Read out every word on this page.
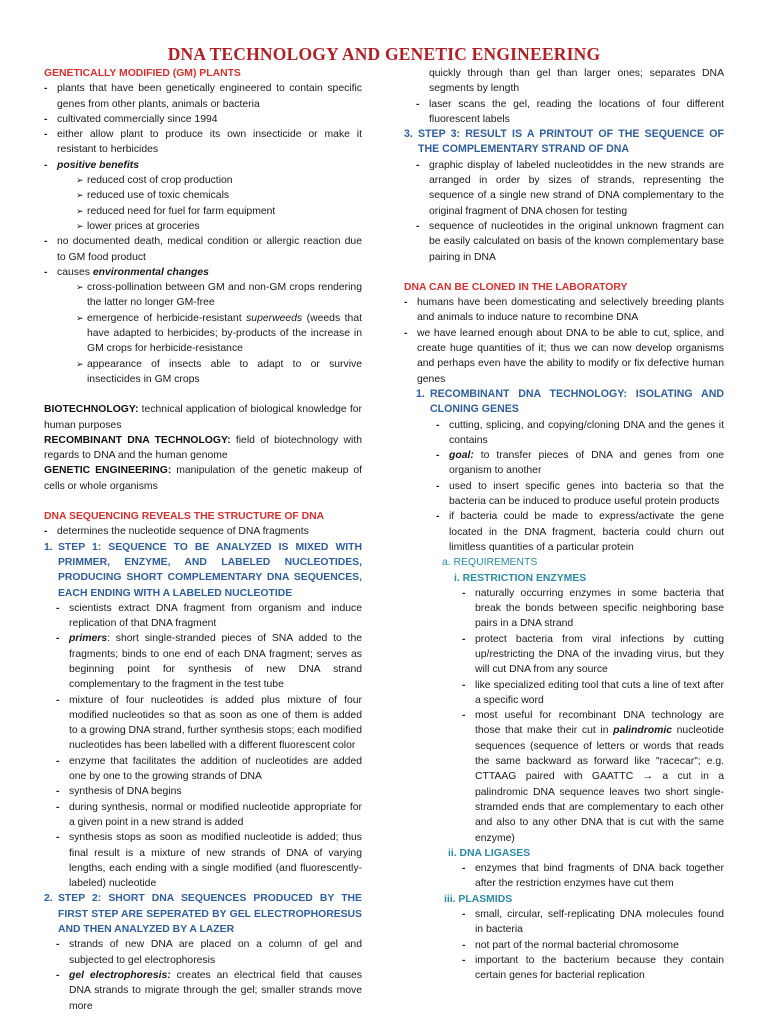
DNA TECHNOLOGY AND GENETIC ENGINEERING

GENETICALLY MODIFIED (GM) PLANTS

- plants that have been genetically engineered to contain specific genes from other plants, animals or bacteria

- cultivated commercially since 1994

- either allow plant to produce its own insecticide or make it resistant to herbicides

- positive benefits

➢ reduced cost of crop production

➢ reduced use of toxic chemicals

➢ reduced need for fuel for farm equipment

➢ lower prices at groceries

- no documented death, medical condition or allergic reaction due to GM food product

- causes environmental changes

➢ cross-pollination between GM and non-GM crops rendering the latter no longer GM-free

➢ emergence of herbicide-resistant superweeds (weeds that have adapted to herbicides; by-products of the increase in GM crops for herbicide-resistance

➢ appearance of insects able to adapt to or survive insecticides in GM crops

BIOTECHNOLOGY: technical application of biological knowledge for human purposes

RECOMBINANT DNA TECHNOLOGY: field of biotechnology with regards to DNA and the human genome

GENETIC ENGINEERING: manipulation of the genetic makeup of cells or whole organisms

DNA SEQUENCING REVEALS THE STRUCTURE OF DNA

- determines the nucleotide sequence of DNA fragments

1. STEP 1: SEQUENCE TO BE ANALYZED IS MIXED WITH PRIMMER, ENZYME, AND LABELED NUCLEOTIDES, PRODUCING SHORT COMPLEMENTARY DNA SEQUENCES, EACH ENDING WITH A LABELED NUCLEOTIDE

- scientists extract DNA fragment from organism and induce replication of that DNA fragment

- primers: short single-stranded pieces of SNA added to the fragments; binds to one end of each DNA fragment; serves as beginning point for synthesis of new DNA strand complementary to the fragment in the test tube

- mixture of four nucleotides is added plus mixture of four modified nucleotides so that as soon as one of them is added to a growing DNA strand, further synthesis stops; each modified nucleotides has been labelled with a different fluorescent color

- enzyme that facilitates the addition of nucleotides are added one by one to the growing strands of DNA

- synthesis of DNA begins

- during synthesis, normal or modified nucleotide appropriate for a given point in a new strand is added

- synthesis stops as soon as modified nucleotide is added; thus final result is a mixture of new strands of DNA of varying lengths, each ending with a single modified (and fluorescently-labeled) nucleotide

2. STEP 2: SHORT DNA SEQUENCES PRODUCED BY THE FIRST STEP ARE SEPERATED BY GEL ELECTROPHORESUS AND THEN ANALYZED BY A LAZER

- strands of new DNA are placed on a column of gel and subjected to gel electrophoresis

- gel electrophoresis: creates an electrical field that causes DNA strands to migrate through the gel; smaller strands move more

quickly through than gel than larger ones; separates DNA segments by length

- laser scans the gel, reading the locations of four different fluorescent labels

3. STEP 3: RESULT IS A PRINTOUT OF THE SEQUENCE OF THE COMPLEMENTARY STRAND OF DNA

- graphic display of labeled nucleotiddes in the new strands are arranged in order by sizes of strands, representing the sequence of a single new strand of DNA complementary to the original fragment of DNA chosen for testing

- sequence of nucleotides in the original unknown fragment can be easily calculated on basis of the known complementary base pairing in DNA

DNA CAN BE CLONED IN THE LABORATORY

- humans have been domesticating and selectively breeding plants and animals to induce nature to recombine DNA

- we have learned enough about DNA to be able to cut, splice, and create huge quantities of it; thus we can now develop organisms and perhaps even have the ability to modify or fix defective human genes

1. RECOMBINANT DNA TECHNOLOGY: ISOLATING AND CLONING GENES

- cutting, splicing, and copying/cloning DNA and the genes it contains

- goal: to transfer pieces of DNA and genes from one organism to another

- used to insert specific genes into bacteria so that the bacteria can be induced to produce useful protein products

- if bacteria could be made to express/activate the gene located in the DNA fragment, bacteria could churn out limitless quantities of a particular protein

a. REQUIREMENTS

i. RESTRICTION ENZYMES

- naturally occurring enzymes in some bacteria that break the bonds between specific neighboring base pairs in a DNA strand

- protect bacteria from viral infections by cutting up/restricting the DNA of the invading virus, but they will cut DNA from any source

- like specialized editing tool that cuts a line of text after a specific word

- most useful for recombinant DNA technology are those that make their cut in palindromic nucleotide sequences (sequence of letters or words that reads the same backward as forward like "racecar"; e.g. CTTAAG paired with GAATTC → a cut in a palindromic DNA sequence leaves two short single-stramded ends that are complementary to each other and also to any other DNA that is cut with the same enzyme)

ii. DNA LIGASES

- enzymes that bind fragments of DNA back together after the restriction enzymes have cut them

iii. PLASMIDS

- small, circular, self-replicating DNA molecules found in bacteria

- not part of the normal bacterial chromosome

- important to the bacterium because they contain certain genes for bacterial replication
